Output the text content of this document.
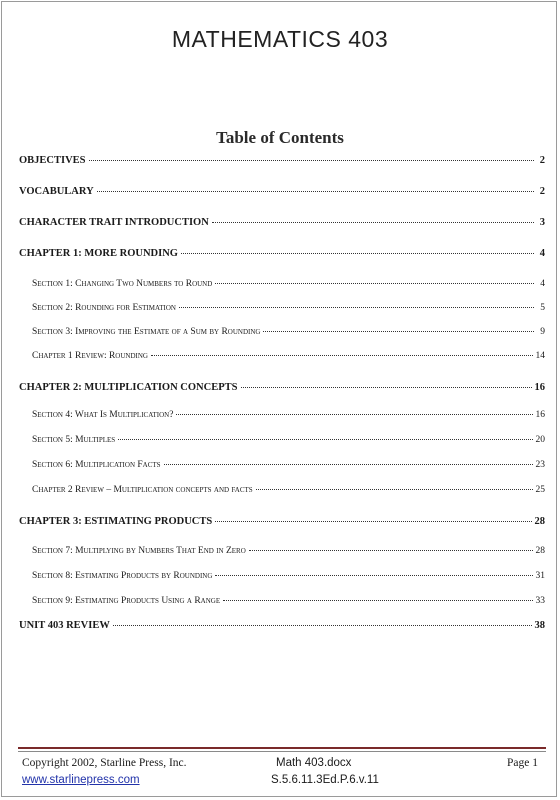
MATHEMATICS 403
Table of Contents
OBJECTIVES	2
VOCABULARY	2
CHARACTER TRAIT INTRODUCTION	3
CHAPTER 1: MORE ROUNDING	4
Section 1: Changing Two Numbers to Round	4
Section 2: Rounding for Estimation	5
Section 3: Improving the Estimate of a Sum by Rounding	9
Chapter 1 Review: Rounding	14
CHAPTER 2: MULTIPLICATION CONCEPTS	16
Section 4: What Is Multiplication?	16
Section 5: Multiples	20
Section 6: Multiplication Facts	23
Chapter 2 Review – Multiplication concepts and facts	25
CHAPTER 3: ESTIMATING PRODUCTS	28
Section 7: Multiplying by Numbers That End in Zero	28
Section 8: Estimating Products by Rounding	31
Section 9: Estimating Products Using a Range	33
UNIT 403 REVIEW	38
Copyright 2002, Starline Press, Inc.
www.starlinepress.com
Math 403.docx
S.5.6.11.3Ed.P.6.v.11
Page 1
